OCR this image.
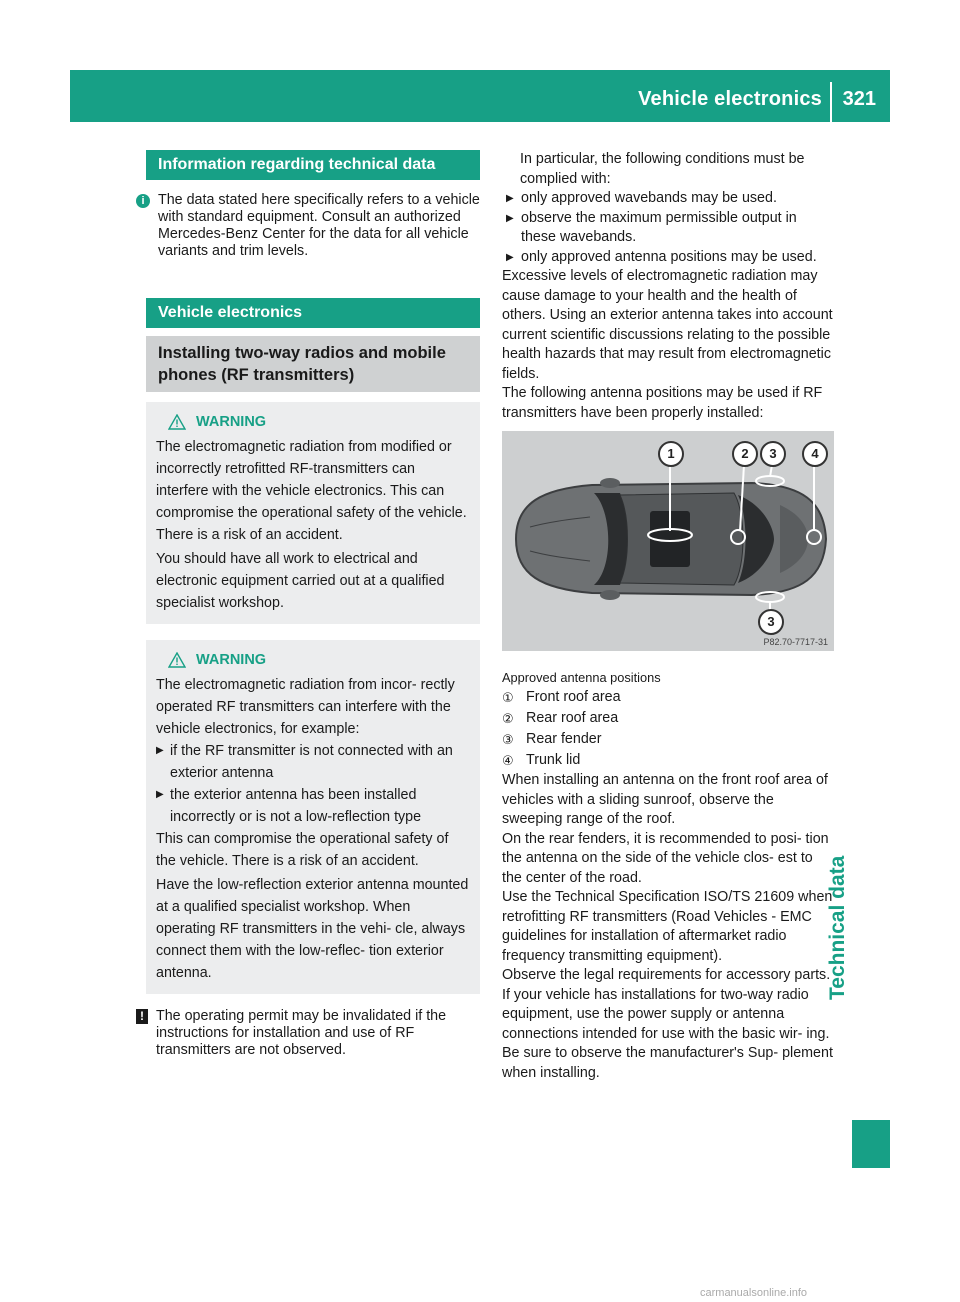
Vehicle electronics 321
Technical data
Information regarding technical data
i The data stated here specifically refers to a vehicle with standard equipment. Consult an authorized Mercedes-Benz Center for the data for all vehicle variants and trim levels.
Vehicle electronics
Installing two-way radios and mobile phones (RF transmitters)
WARNING

The electromagnetic radiation from modified or incorrectly retrofitted RF-transmitters can interfere with the vehicle electronics. This can compromise the operational safety of the vehicle. There is a risk of an accident.

You should have all work to electrical and electronic equipment carried out at a qualified specialist workshop.

WARNING

The electromagnetic radiation from incor- rectly operated RF transmitters can interfere with the vehicle electronics, for example:

▶ if the RF transmitter is not connected with an exterior antenna
▶ the exterior antenna has been installed incorrectly or is not a low-reflection type

This can compromise the operational safety of the vehicle. There is a risk of an accident.

Have the low-reflection exterior antenna mounted at a qualified specialist workshop. When operating RF transmitters in the vehi- cle, always connect them with the low-reflec- tion exterior antenna.

! The operating permit may be invalidated if the instructions for installation and use of RF transmitters are not observed.

In particular, the following conditions must be complied with:

▶ only approved wavebands may be used.
▶ observe the maximum permissible output in these wavebands.
▶ only approved antenna positions may be used.

Excessive levels of electromagnetic radiation may cause damage to your health and the health of others. Using an exterior antenna takes into account current scientific discussions relating to the possible health hazards that may result from electromagnetic fields.

The following antenna positions may be used if RF transmitters have been properly installed:

1	2	3	4
3
P82.70-7717-31
Approved antenna positions
① Front roof area
② Rear roof area
③ Rear fender
④ Trunk lid

When installing an antenna on the front roof area of vehicles with a sliding sunroof, observe the sweeping range of the roof.

On the rear fenders, it is recommended to posi- tion the antenna on the side of the vehicle clos- est to the center of the road.

Use the Technical Specification ISO/TS 21609 when retrofitting RF transmitters (Road Vehicles - EMC guidelines for installation of aftermarket radio frequency transmitting equipment).

Observe the legal requirements for accessory parts.

If your vehicle has installations for two-way radio equipment, use the power supply or antenna connections intended for use with the basic wir- ing. Be sure to observe the manufacturer's Sup- plement when installing.

carmanualsonline.info
